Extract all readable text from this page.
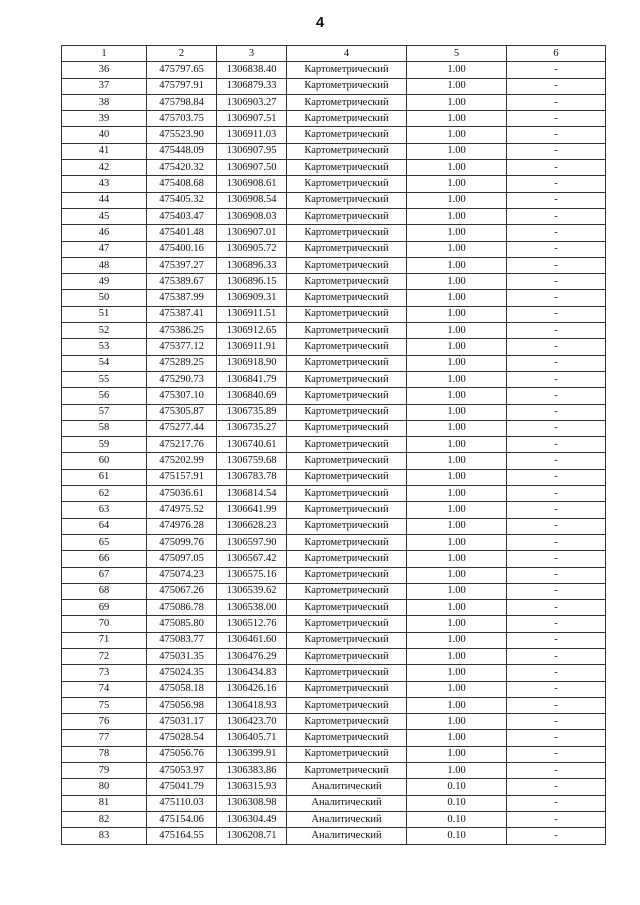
4
1	2	3	4	5	6
36	475797.65	1306838.40	Картометрический	1.00	-
37	475797.91	1306879.33	Картометрический	1.00	-
38	475798.84	1306903.27	Картометрический	1.00	-
39	475703.75	1306907.51	Картометрический	1.00	-
40	475523.90	1306911.03	Картометрический	1.00	-
41	475448.09	1306907.95	Картометрический	1.00	-
42	475420.32	1306907.50	Картометрический	1.00	-
43	475408.68	1306908.61	Картометрический	1.00	-
44	475405.32	1306908.54	Картометрический	1.00	-
45	475403.47	1306908.03	Картометрический	1.00	-
46	475401.48	1306907.01	Картометрический	1.00	-
47	475400.16	1306905.72	Картометрический	1.00	-
48	475397.27	1306896.33	Картометрический	1.00	-
49	475389.67	1306896.15	Картометрический	1.00	-
50	475387.99	1306909.31	Картометрический	1.00	-
51	475387.41	1306911.51	Картометрический	1.00	-
52	475386.25	1306912.65	Картометрический	1.00	-
53	475377.12	1306911.91	Картометрический	1.00	-
54	475289.25	1306918.90	Картометрический	1.00	-
55	475290.73	1306841.79	Картометрический	1.00	-
56	475307.10	1306840.69	Картометрический	1.00	-
57	475305.87	1306735.89	Картометрический	1.00	-
58	475277.44	1306735.27	Картометрический	1.00	-
59	475217.76	1306740.61	Картометрический	1.00	-
60	475202.99	1306759.68	Картометрический	1.00	-
61	475157.91	1306783.78	Картометрический	1.00	-
62	475036.61	1306814.54	Картометрический	1.00	-
63	474975.52	1306641.99	Картометрический	1.00	-
64	474976.28	1306628.23	Картометрический	1.00	-
65	475099.76	1306597.90	Картометрический	1.00	-
66	475097.05	1306567.42	Картометрический	1.00	-
67	475074.23	1306575.16	Картометрический	1.00	-
68	475067.26	1306539.62	Картометрический	1.00	-
69	475086.78	1306538.00	Картометрический	1.00	-
70	475085.80	1306512.76	Картометрический	1.00	-
71	475083.77	1306461.60	Картометрический	1.00	-
72	475031.35	1306476.29	Картометрический	1.00	-
73	475024.35	1306434.83	Картометрический	1.00	-
74	475058.18	1306426.16	Картометрический	1.00	-
75	475056.98	1306418.93	Картометрический	1.00	-
76	475031.17	1306423.70	Картометрический	1.00	-
77	475028.54	1306405.71	Картометрический	1.00	-
78	475056.76	1306399.91	Картометрический	1.00	-
79	475053.97	1306383.86	Картометрический	1.00	-
80	475041.79	1306315.93	Аналитический	0.10	-
81	475110.03	1306308.98	Аналитический	0.10	-
82	475154.06	1306304.49	Аналитический	0.10	-
83	475164.55	1306208.71	Аналитический	0.10	-
